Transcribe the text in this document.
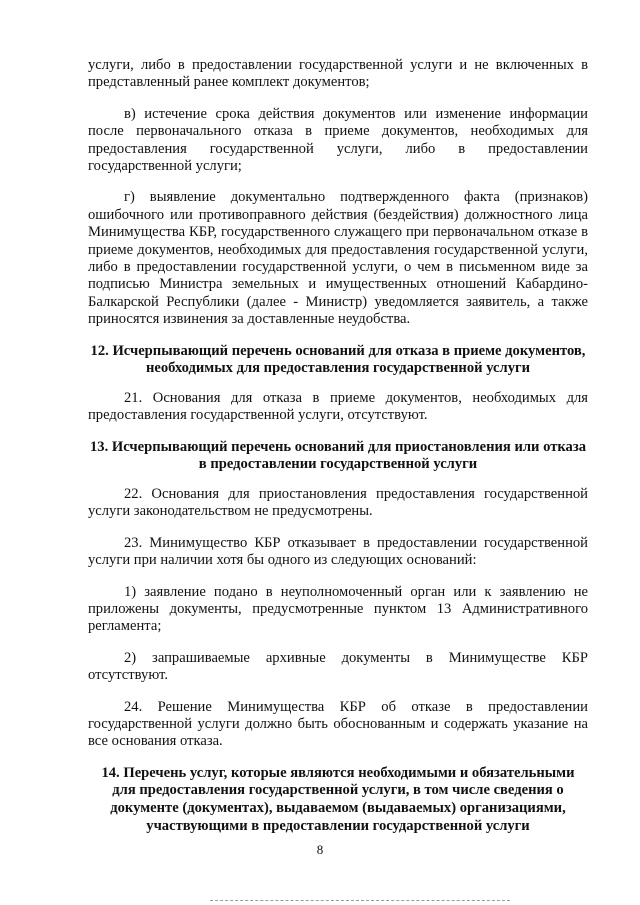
услуги, либо в предоставлении государственной услуги и не включенных в представленный ранее комплект документов;

в) истечение срока действия документов или изменение информации после первоначального отказа в приеме документов, необходимых для предоставления государственной услуги, либо в предоставлении государственной услуги;

г) выявление документально подтвержденного факта (признаков) ошибочного или противоправного действия (бездействия) должностного лица Минимущества КБР, государственного служащего при первоначальном отказе в приеме документов, необходимых для предоставления государственной услуги, либо в предоставлении государственной услуги, о чем в письменном виде за подписью Министра земельных и имущественных отношений Кабардино-Балкарской Республики (далее - Министр) уведомляется заявитель, а также приносятся извинения за доставленные неудобства.

12. Исчерпывающий перечень оснований для отказа в приеме документов, необходимых для предоставления государственной услуги

21. Основания для отказа в приеме документов, необходимых для предоставления государственной услуги, отсутствуют.

13. Исчерпывающий перечень оснований для приостановления или отказа в предоставлении государственной услуги

22. Основания для приостановления предоставления государственной услуги законодательством не предусмотрены.

23. Минимущество КБР отказывает в предоставлении государственной услуги при наличии хотя бы одного из следующих оснований:

1) заявление подано в неуполномоченный орган или к заявлению не приложены документы, предусмотренные пунктом 13 Административного регламента;

2) запрашиваемые архивные документы в Минимуществе КБР отсутствуют.

24. Решение Минимущества КБР об отказе в предоставлении государственной услуги должно быть обоснованным и содержать указание на все основания отказа.

14. Перечень услуг, которые являются необходимыми и обязательными для предоставления государственной услуги, в том числе сведения о документе (документах), выдаваемом (выдаваемых) организациями, участвующими в предоставлении государственной услуги

8
